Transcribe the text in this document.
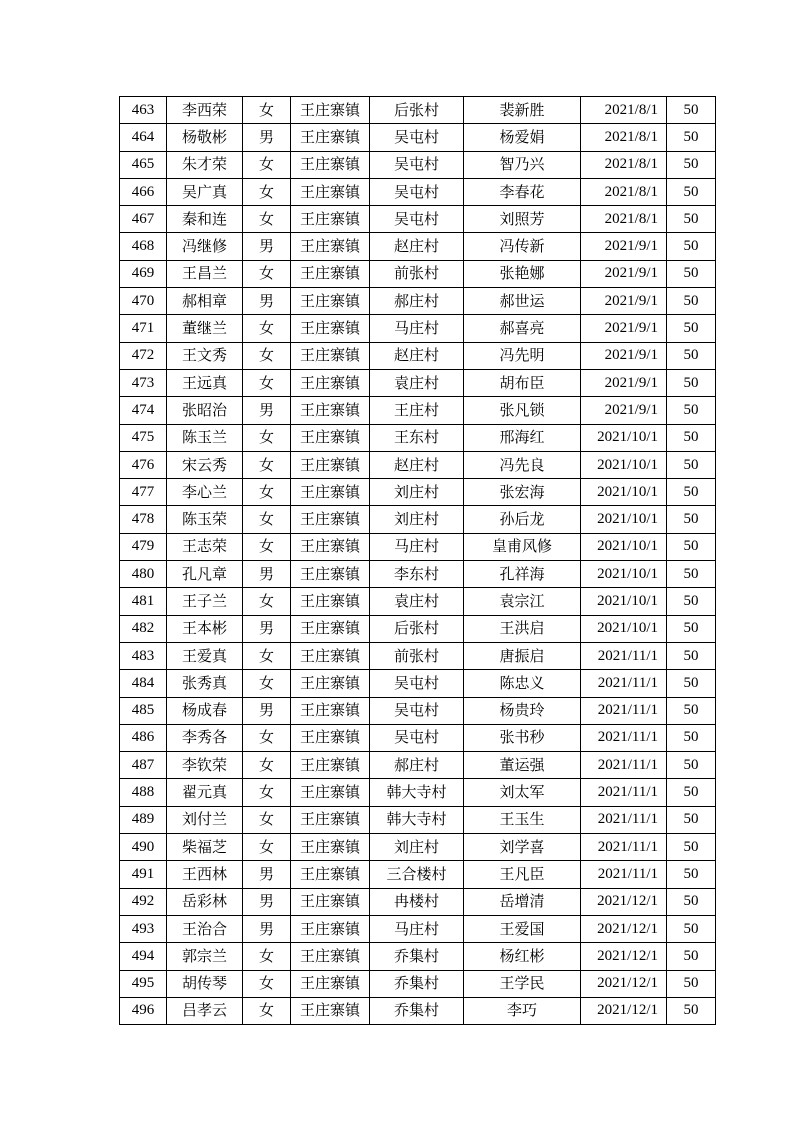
463	李西荣	女	王庄寨镇	后张村	裴新胜	2021/8/1	50
464	杨敬彬	男	王庄寨镇	吴屯村	杨爱娟	2021/8/1	50
465	朱才荣	女	王庄寨镇	吴屯村	智乃兴	2021/8/1	50
466	吴广真	女	王庄寨镇	吴屯村	李春花	2021/8/1	50
467	秦和连	女	王庄寨镇	吴屯村	刘照芳	2021/8/1	50
468	冯继修	男	王庄寨镇	赵庄村	冯传新	2021/9/1	50
469	王昌兰	女	王庄寨镇	前张村	张艳娜	2021/9/1	50
470	郝相章	男	王庄寨镇	郝庄村	郝世运	2021/9/1	50
471	董继兰	女	王庄寨镇	马庄村	郝喜亮	2021/9/1	50
472	王文秀	女	王庄寨镇	赵庄村	冯先明	2021/9/1	50
473	王远真	女	王庄寨镇	袁庄村	胡布臣	2021/9/1	50
474	张昭治	男	王庄寨镇	王庄村	张凡锁	2021/9/1	50
475	陈玉兰	女	王庄寨镇	王东村	邢海红	2021/10/1	50
476	宋云秀	女	王庄寨镇	赵庄村	冯先良	2021/10/1	50
477	李心兰	女	王庄寨镇	刘庄村	张宏海	2021/10/1	50
478	陈玉荣	女	王庄寨镇	刘庄村	孙后龙	2021/10/1	50
479	王志荣	女	王庄寨镇	马庄村	皇甫风修	2021/10/1	50
480	孔凡章	男	王庄寨镇	李东村	孔祥海	2021/10/1	50
481	王子兰	女	王庄寨镇	袁庄村	袁宗江	2021/10/1	50
482	王本彬	男	王庄寨镇	后张村	王洪启	2021/10/1	50
483	王爱真	女	王庄寨镇	前张村	唐振启	2021/11/1	50
484	张秀真	女	王庄寨镇	吴屯村	陈忠义	2021/11/1	50
485	杨成春	男	王庄寨镇	吴屯村	杨贵玲	2021/11/1	50
486	李秀各	女	王庄寨镇	吴屯村	张书秒	2021/11/1	50
487	李钦荣	女	王庄寨镇	郝庄村	董运强	2021/11/1	50
488	翟元真	女	王庄寨镇	韩大寺村	刘太军	2021/11/1	50
489	刘付兰	女	王庄寨镇	韩大寺村	王玉生	2021/11/1	50
490	柴福芝	女	王庄寨镇	刘庄村	刘学喜	2021/11/1	50
491	王西林	男	王庄寨镇	三合楼村	王凡臣	2021/11/1	50
492	岳彩林	男	王庄寨镇	冉楼村	岳增清	2021/12/1	50
493	王治合	男	王庄寨镇	马庄村	王爱国	2021/12/1	50
494	郭宗兰	女	王庄寨镇	乔集村	杨红彬	2021/12/1	50
495	胡传琴	女	王庄寨镇	乔集村	王学民	2021/12/1	50
496	吕孝云	女	王庄寨镇	乔集村	李巧	2021/12/1	50
